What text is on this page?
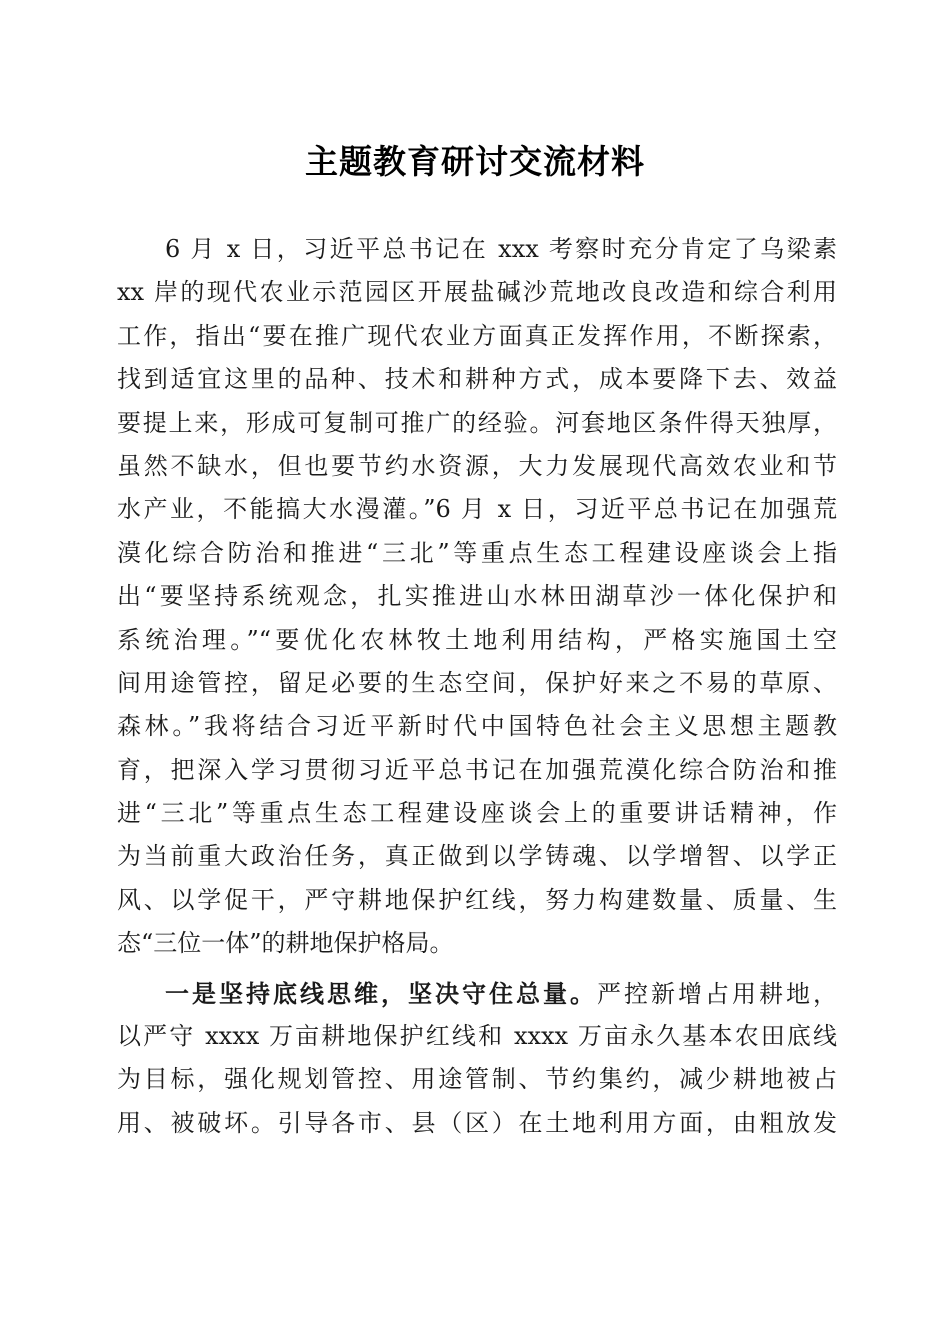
主题教育研讨交流材料
6 月 x 日，习近平总书记在 xxx 考察时充分肯定了乌梁素
xx 岸的现代农业示范园区开展盐碱沙荒地改良改造和综合利用
工作，指出“要在推广现代农业方面真正发挥作用，不断探索，
找到适宜这里的品种、技术和耕种方式，成本要降下去、效益
要提上来，形成可复制可推广的经验。河套地区条件得天独厚，
虽然不缺水，但也要节约水资源，大力发展现代高效农业和节
水产业，不能搞大水漫灌。”6 月 x 日，习近平总书记在加强荒
漠化综合防治和推进“三北”等重点生态工程建设座谈会上指
出“要坚持系统观念，扎实推进山水林田湖草沙一体化保护和
系统治理。”“要优化农林牧土地利用结构，严格实施国土空
间用途管控，留足必要的生态空间，保护好来之不易的草原、
森林。”我将结合习近平新时代中国特色社会主义思想主题教
育，把深入学习贯彻习近平总书记在加强荒漠化综合防治和推
进“三北”等重点生态工程建设座谈会上的重要讲话精神，作
为当前重大政治任务，真正做到以学铸魂、以学增智、以学正
风、以学促干，严守耕地保护红线，努力构建数量、质量、生
态“三位一体”的耕地保护格局。
一是坚持底线思维，坚决守住总量。严控新增占用耕地，
以严守 xxxx 万亩耕地保护红线和 xxxx 万亩永久基本农田底线
为目标，强化规划管控、用途管制、节约集约，减少耕地被占
用、被破坏。引导各市、县（区）在土地利用方面，由粗放发
